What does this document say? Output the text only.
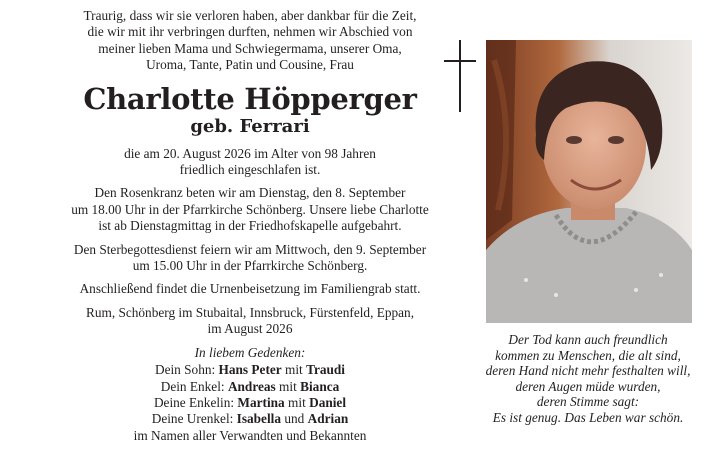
Traurig, dass wir sie verloren haben, aber dankbar für die Zeit,
die wir mit ihr verbringen durften, nehmen wir Abschied von
meiner lieben Mama und Schwiegermama, unserer Oma,
Uroma, Tante, Patin und Cousine, Frau

Charlotte Höpperger
geb. Ferrari

die am 20. August 2026 im Alter von 98 Jahren
friedlich eingeschlafen ist.

Den Rosenkranz beten wir am Dienstag, den 8. September
um 18.00 Uhr in der Pfarrkirche Schönberg. Unsere liebe Charlotte
ist ab Dienstagmittag in der Friedhofskapelle aufgebahrt.

Den Sterbegottesdienst feiern wir am Mittwoch, den 9. September
um 15.00 Uhr in der Pfarrkirche Schönberg.

Anschließend findet die Urnenbeisetzung im Familiengrab statt.

Rum, Schönberg im Stubaital, Innsbruck, Fürstenfeld, Eppan,
im August 2026

In liebem Gedenken:
Dein Sohn: Hans Peter mit Traudi
Dein Enkel: Andreas mit Bianca
Deine Enkelin: Martina mit Daniel
Deine Urenkel: Isabella und Adrian
im Namen aller Verwandten und Bekannten

Der Tod kann auch freundlich
kommen zu Menschen, die alt sind,
deren Hand nicht mehr festhalten will,
deren Augen müde wurden,
deren Stimme sagt:
Es ist genug. Das Leben war schön.
